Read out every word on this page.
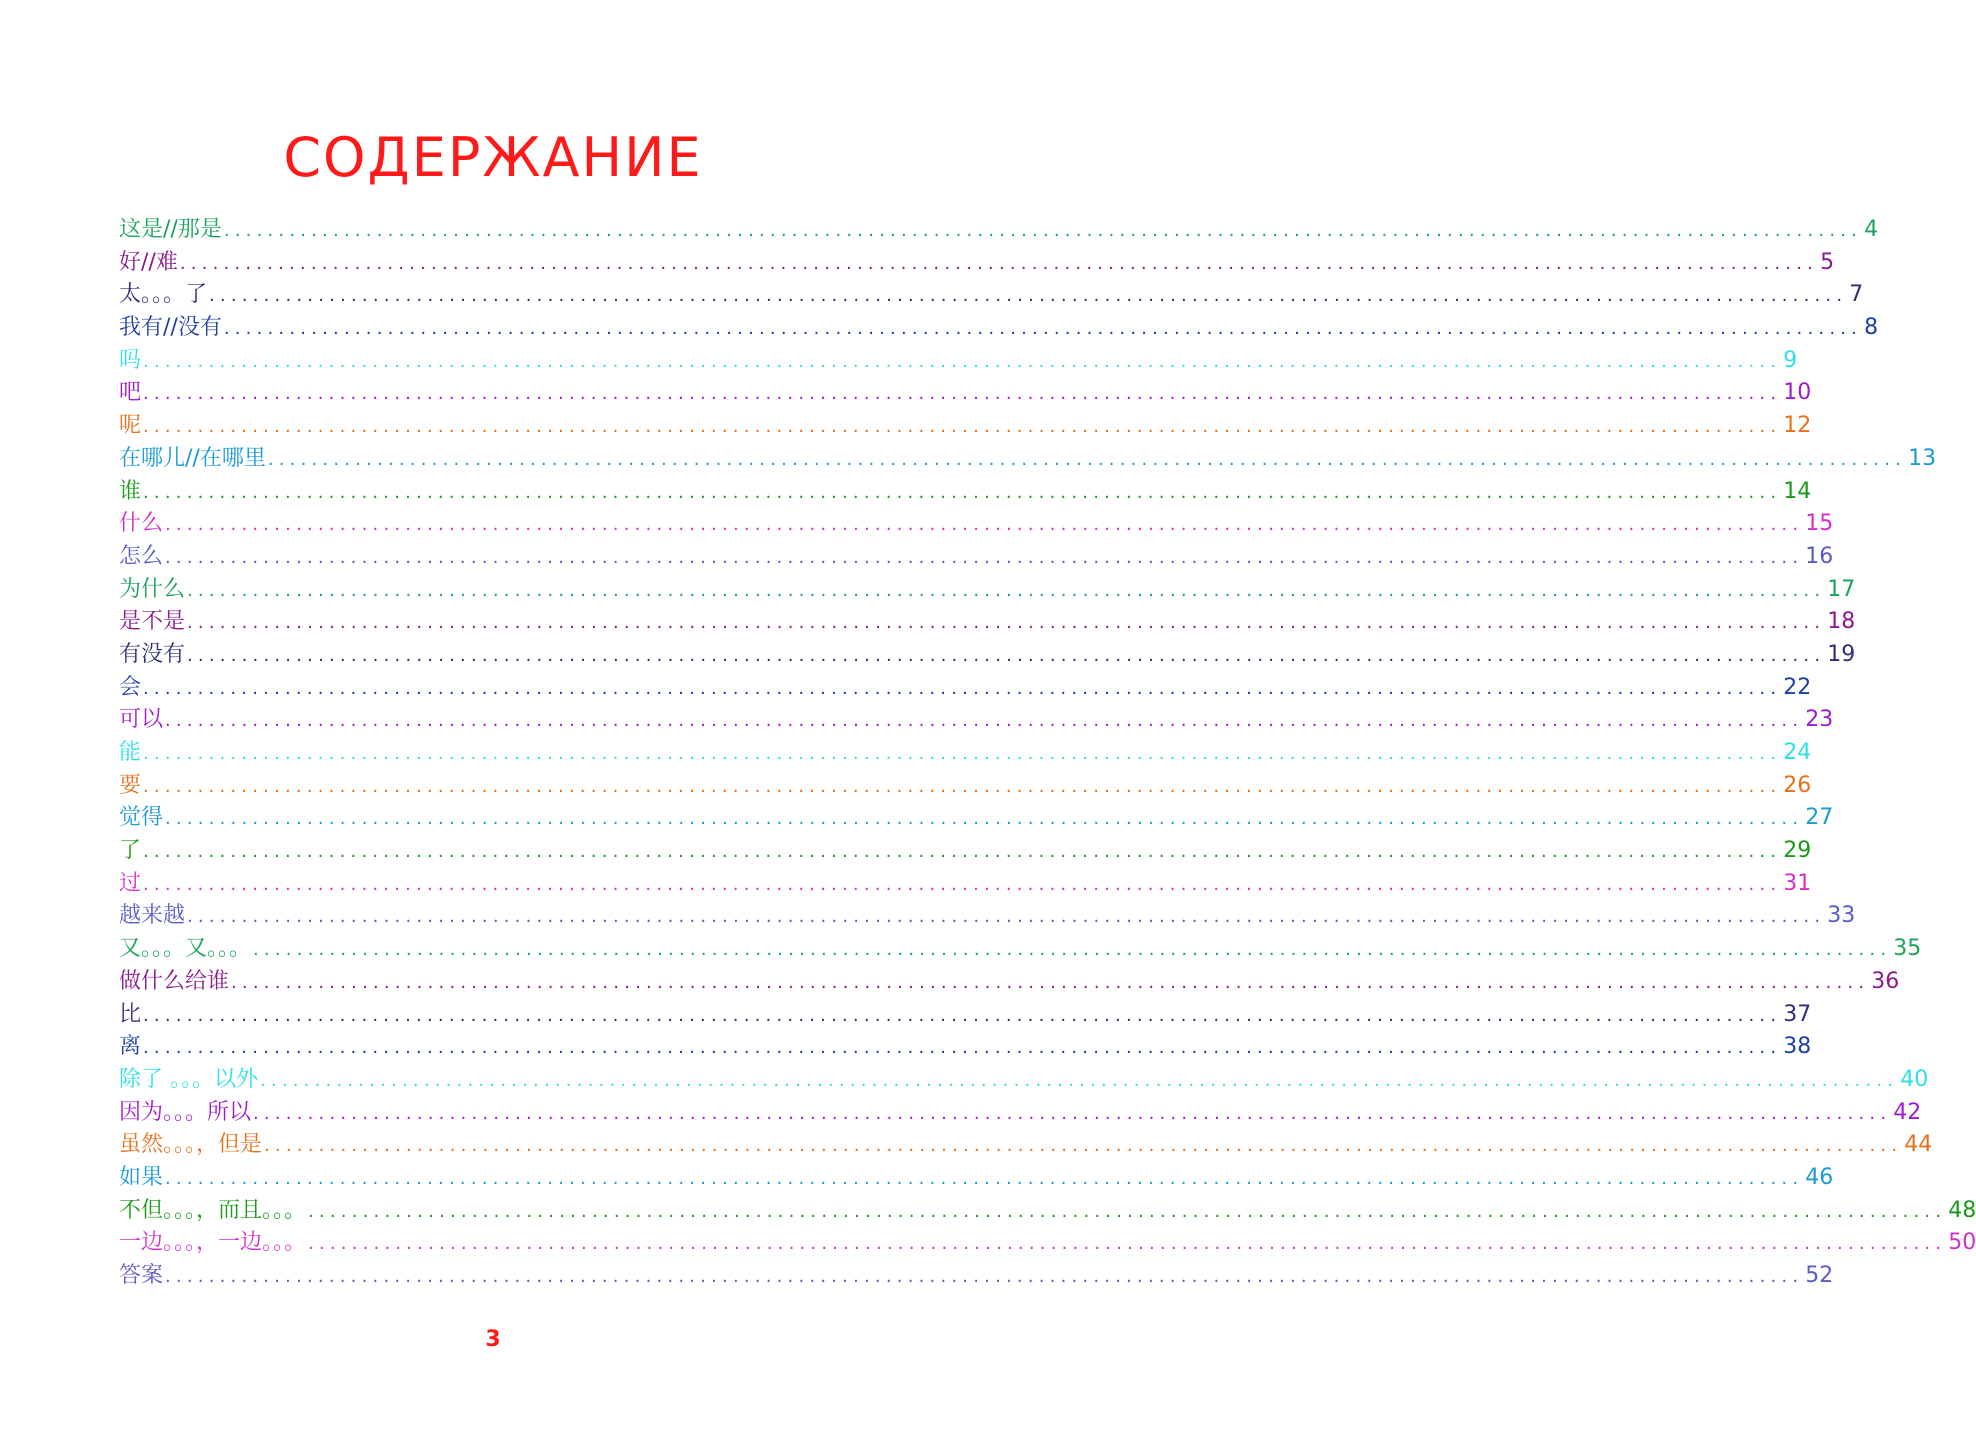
СОДЕРЖАНИЕ
这是//那是 ...................................................................................................................................................... 4
好//难 ...................................................................................................................................................... 5
太。。。了 ...................................................................................................................................................... 7
我有//没有 ...................................................................................................................................................... 8
吗 ...................................................................................................................................................... 9
吧 ...................................................................................................................................................... 10
呢 ...................................................................................................................................................... 12
在哪儿//在哪里 ...................................................................................................................................................... 13
谁 ...................................................................................................................................................... 14
什么 ...................................................................................................................................................... 15
怎么 ...................................................................................................................................................... 16
为什么 ...................................................................................................................................................... 17
是不是 ...................................................................................................................................................... 18
有没有 ...................................................................................................................................................... 19
会 ...................................................................................................................................................... 22
可以 ...................................................................................................................................................... 23
能 ...................................................................................................................................................... 24
要 ...................................................................................................................................................... 26
觉得 ...................................................................................................................................................... 27
了 ...................................................................................................................................................... 29
过 ...................................................................................................................................................... 31
越来越 ...................................................................................................................................................... 33
又。。。又。。。 ...................................................................................................................................................... 35
做什么给谁 ...................................................................................................................................................... 36
比 ...................................................................................................................................................... 37
离 ...................................................................................................................................................... 38
除了 。。。以外 ...................................................................................................................................................... 40
因为。。。所以 ...................................................................................................................................................... 42
虽然。。。，但是 ...................................................................................................................................................... 44
如果 ...................................................................................................................................................... 46
不但。。。，而且。。。 ...................................................................................................................................................... 48
一边。。。，一边。。。 ...................................................................................................................................................... 50
答案 ...................................................................................................................................................... 52
3
